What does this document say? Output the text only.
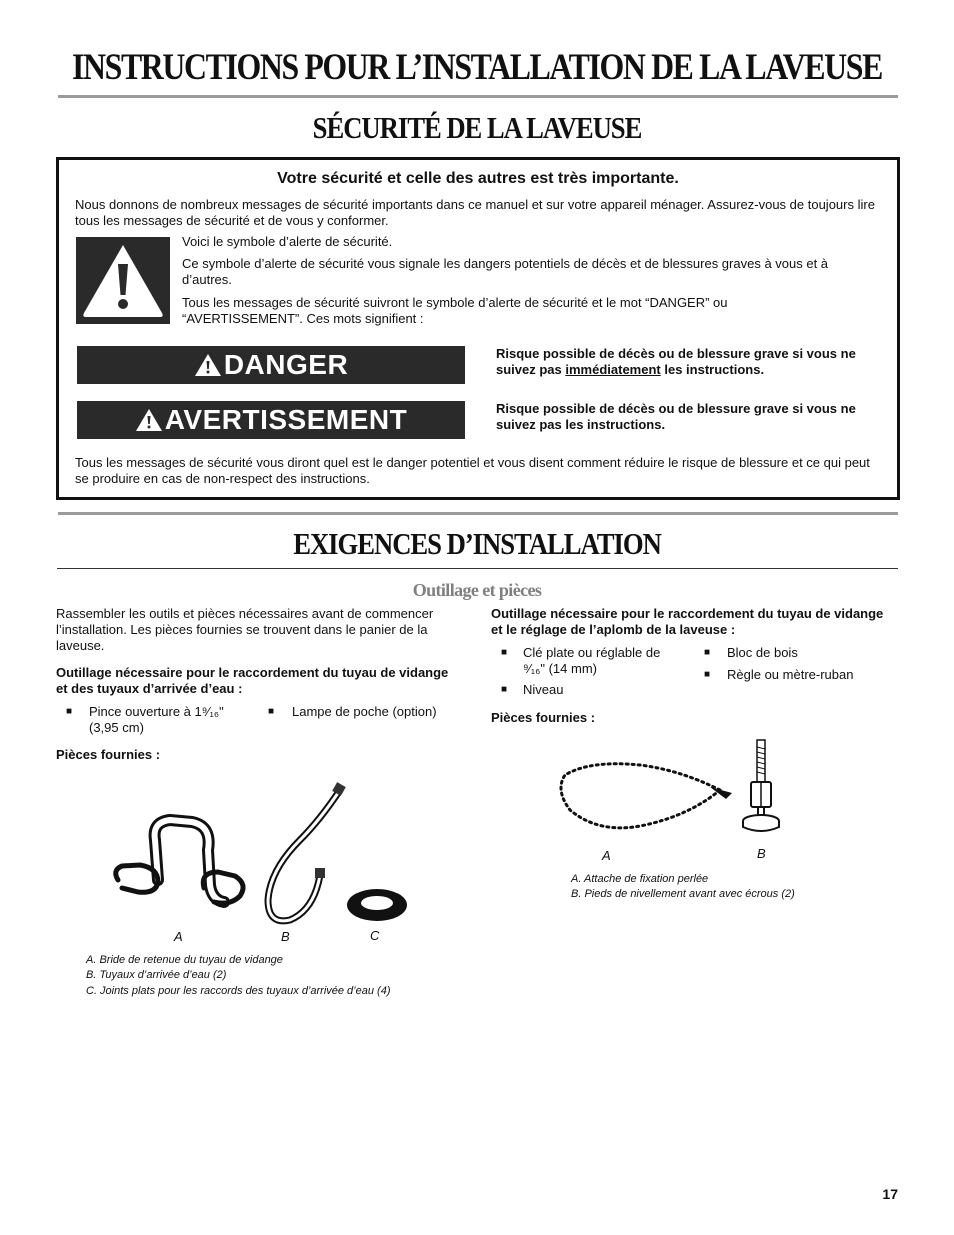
INSTRUCTIONS POUR L’INSTALLATION DE LA LAVEUSE
SÉCURITÉ DE LA LAVEUSE
Votre sécurité et celle des autres est très importante.
Nous donnons de nombreux messages de sécurité importants dans ce manuel et sur votre appareil ménager. Assurez-vous de toujours lire tous les messages de sécurité et de vous y conformer.
Voici le symbole d’alerte de sécurité.
Ce symbole d’alerte de sécurité vous signale les dangers potentiels de décès et de blessures graves à vous et à d’autres.
Tous les messages de sécurité suivront le symbole d’alerte de sécurité et le mot “DANGER” ou “AVERTISSEMENT”. Ces mots signifient :
DANGER	Risque possible de décès ou de blessure grave si vous ne suivez pas immédiatement les instructions.
AVERTISSEMENT	Risque possible de décès ou de blessure grave si vous ne suivez pas les instructions.
Tous les messages de sécurité vous diront quel est le danger potentiel et vous disent comment réduire le risque de blessure et ce qui peut se produire en cas de non-respect des instructions.
EXIGENCES D’INSTALLATION
Outillage et pièces
Rassembler les outils et pièces nécessaires avant de commencer l’installation. Les pièces fournies se trouvent dans le panier de la laveuse.
Outillage nécessaire pour le raccordement du tuyau de vidange et des tuyaux d’arrivée d’eau :
■ Pince ouverture à 1⁹⁄₁₆" (3,95 cm)
■ Lampe de poche (option)
Pièces fournies :
A	B	C
A. Bride de retenue du tuyau de vidange
B. Tuyaux d’arrivée d’eau (2)
C. Joints plats pour les raccords des tuyaux d’arrivée d’eau (4)
Outillage nécessaire pour le raccordement du tuyau de vidange et le réglage de l’aplomb de la laveuse :
■ Clé plate ou réglable de ⁹⁄₁₆" (14 mm)
■ Bloc de bois
■ Niveau
■ Règle ou mètre-ruban
Pièces fournies :
A	B
A. Attache de fixation perlée
B. Pieds de nivellement avant avec écrous (2)
17
